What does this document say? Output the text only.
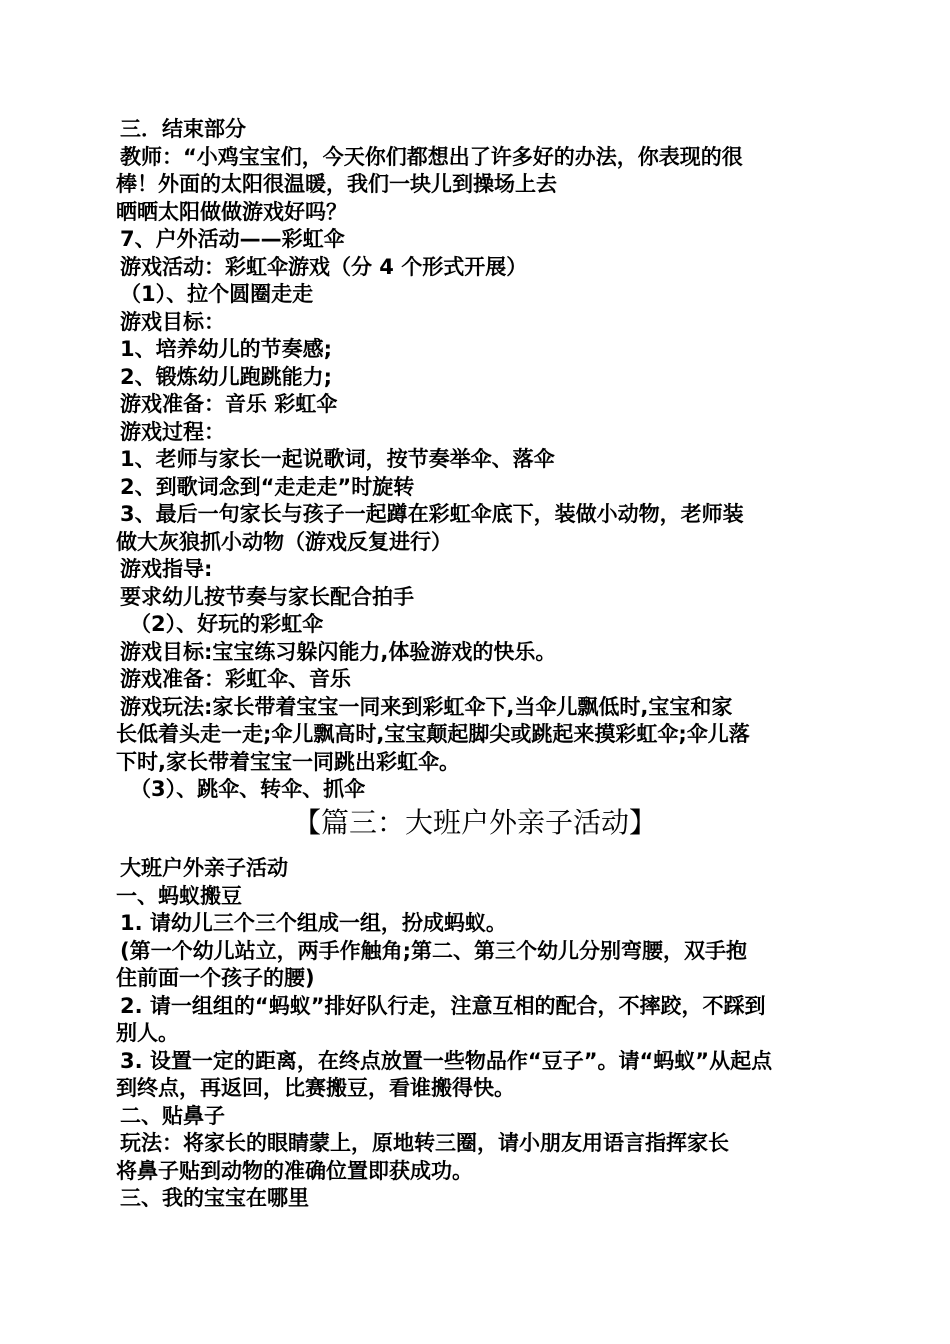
三．结束部分

教师：“小鸡宝宝们，今天你们都想出了许多好的办法，你表现的很

棒！外面的太阳很温暖，我们一块儿到操场上去

晒晒太阳做做游戏好吗？

7、户外活动——彩虹伞

游戏活动：彩虹伞游戏（分 4 个形式开展）

（1）、拉个圆圈走走

游戏目标：

1、培养幼儿的节奏感;

2、锻炼幼儿跑跳能力;

游戏准备：音乐 彩虹伞

游戏过程：

1、老师与家长一起说歌词，按节奏举伞、落伞

2、到歌词念到“走走走”时旋转

3、最后一句家长与孩子一起蹲在彩虹伞底下，装做小动物，老师装

做大灰狼抓小动物（游戏反复进行）

游戏指导:

要求幼儿按节奏与家长配合拍手

（2）、好玩的彩虹伞

游戏目标:宝宝练习躲闪能力,体验游戏的快乐。

游戏准备：彩虹伞、音乐

游戏玩法:家长带着宝宝一同来到彩虹伞下,当伞儿飘低时,宝宝和家

长低着头走一走;伞儿飘高时,宝宝颠起脚尖或跳起来摸彩虹伞;伞儿落

下时,家长带着宝宝一同跳出彩虹伞。

（3）、跳伞、转伞、抓伞

【篇三：大班户外亲子活动】

大班户外亲子活动

一、蚂蚁搬豆

1. 请幼儿三个三个组成一组，扮成蚂蚁。

(第一个幼儿站立，两手作触角;第二、第三个幼儿分别弯腰，双手抱

住前面一个孩子的腰)

2. 请一组组的“蚂蚁”排好队行走，注意互相的配合，不摔跤，不踩到

别人。

3. 设置一定的距离，在终点放置一些物品作“豆子”。请“蚂蚁”从起点

到终点，再返回，比赛搬豆，看谁搬得快。

二、贴鼻子

玩法：将家长的眼睛蒙上，原地转三圈，请小朋友用语言指挥家长

将鼻子贴到动物的准确位置即获成功。

三、我的宝宝在哪里
